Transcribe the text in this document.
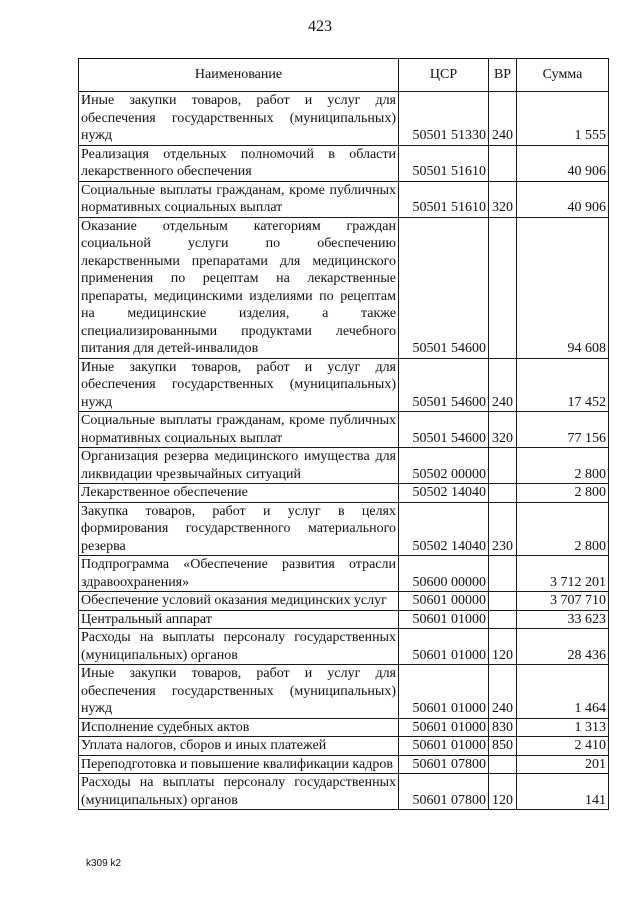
423
Наименование	ЦСР	ВР	Сумма
Иные закупки товаров, работ и услуг для обеспечения государственных (муниципальных) нужд	50501 51330	240	1 555
Реализация отдельных полномочий в области лекарственного обеспечения	50501 51610		40 906
Социальные выплаты гражданам, кроме публичных нормативных социальных выплат	50501 51610	320	40 906
Оказание отдельным категориям граждан социальной услуги по обеспечению лекарственными препаратами для медицинского применения по рецептам на лекарственные препараты, медицинскими изделиями по рецептам на медицинские изделия, а также специализированными продуктами лечебного питания для детей-инвалидов	50501 54600		94 608
Иные закупки товаров, работ и услуг для обеспечения государственных (муниципальных) нужд	50501 54600	240	17 452
Социальные выплаты гражданам, кроме публичных нормативных социальных выплат	50501 54600	320	77 156
Организация резерва медицинского имущества для ликвидации чрезвычайных ситуаций	50502 00000		2 800
Лекарственное обеспечение	50502 14040		2 800
Закупка товаров, работ и услуг в целях формирования государственного материального резерва	50502 14040	230	2 800
Подпрограмма «Обеспечение развития отрасли здравоохранения»	50600 00000		3 712 201
Обеспечение условий оказания медицинских услуг	50601 00000		3 707 710
Центральный аппарат	50601 01000		33 623
Расходы на выплаты персоналу государственных (муниципальных) органов	50601 01000	120	28 436
Иные закупки товаров, работ и услуг для обеспечения государственных (муниципальных) нужд	50601 01000	240	1 464
Исполнение судебных актов	50601 01000	830	1 313
Уплата налогов, сборов и иных платежей	50601 01000	850	2 410
Переподготовка и повышение квалификации кадров	50601 07800		201
Расходы на выплаты персоналу государственных (муниципальных) органов	50601 07800	120	141
k309 k2
